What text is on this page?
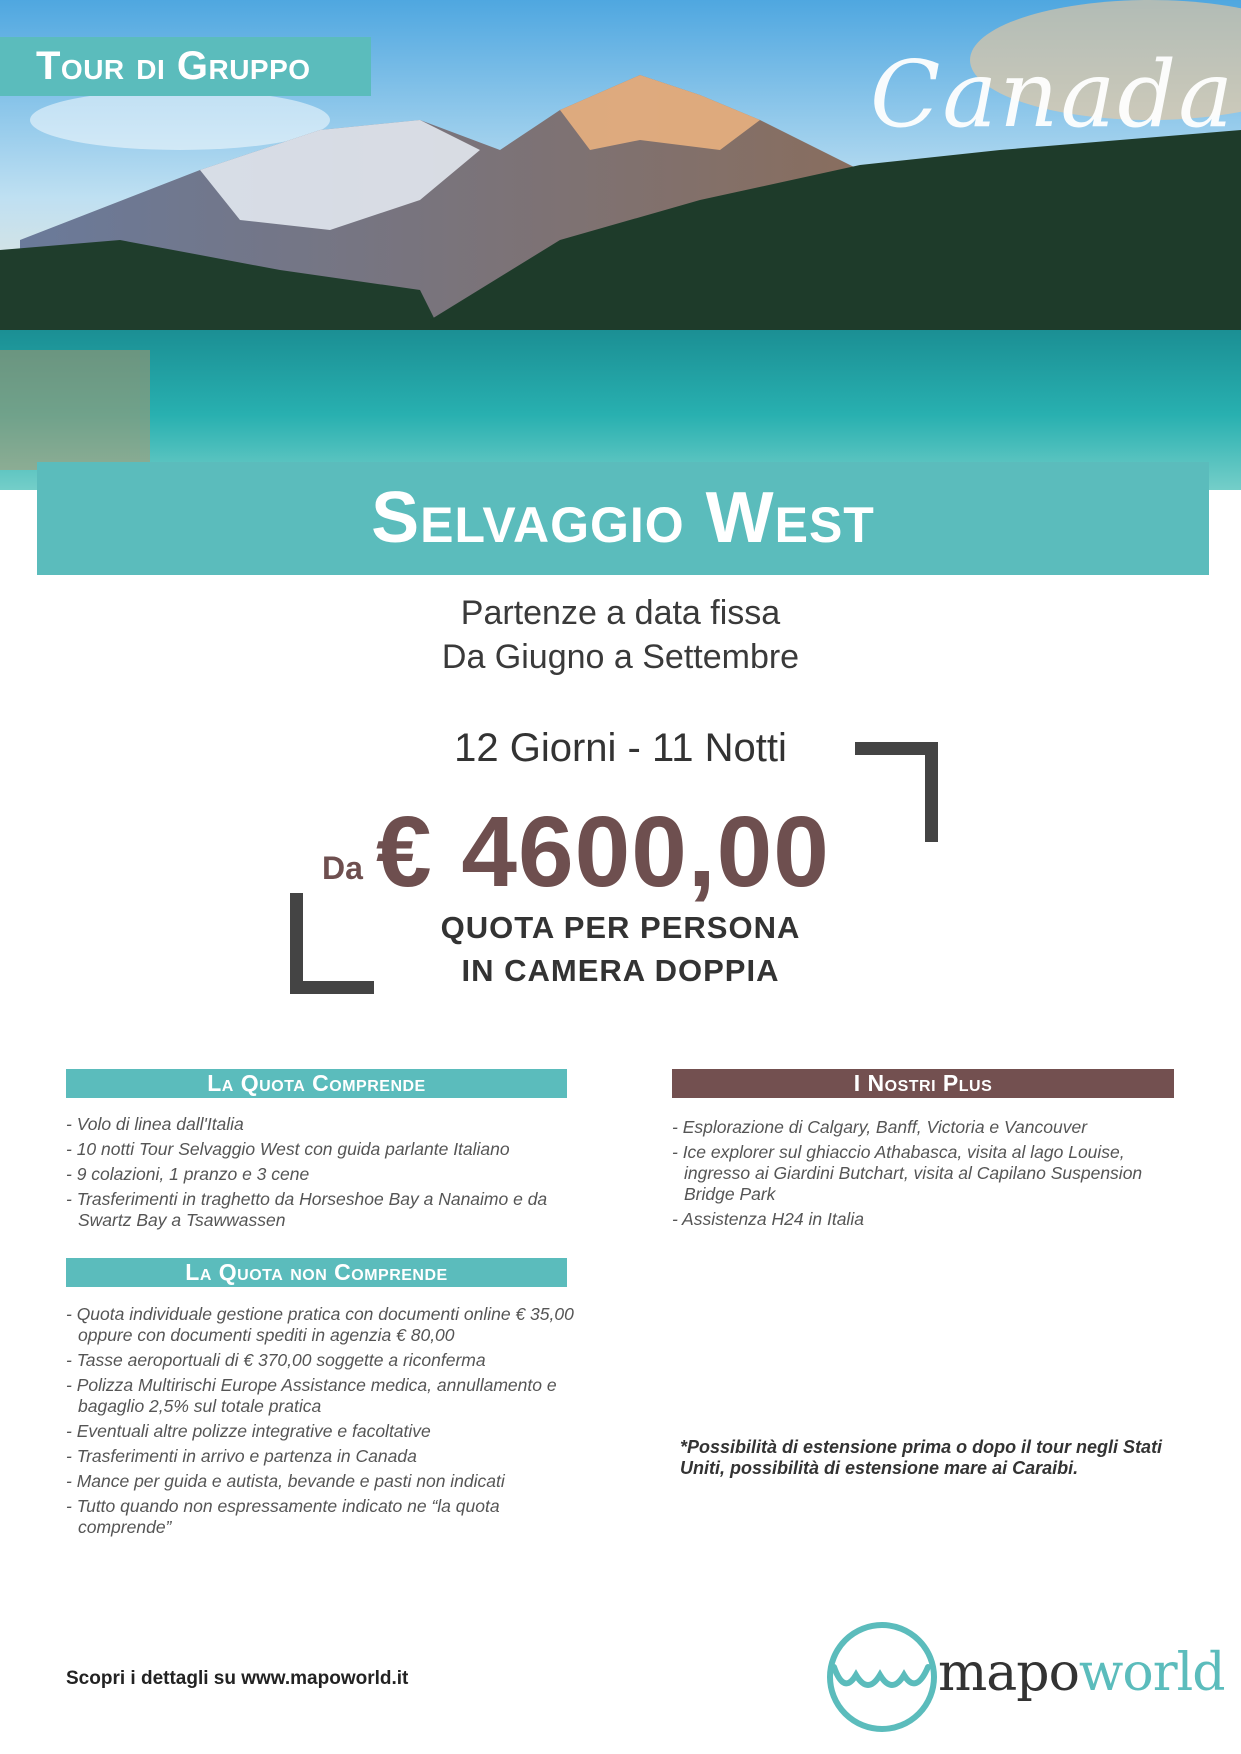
Tour di Gruppo	Canada
Selvaggio West
Partenze a data fissa
Da Giugno a Settembre
12 Giorni - 11 Notti
Da € 4600,00
QUOTA PER PERSONA
IN CAMERA DOPPIA
La Quota Comprende
- Volo di linea dall'Italia
- 10 notti Tour Selvaggio West con guida parlante Italiano
- 9 colazioni, 1 pranzo e 3 cene
- Trasferimenti in traghetto da Horseshoe Bay a Nanaimo e da Swartz Bay a Tsawwassen
La Quota non Comprende
- Quota individuale gestione pratica con documenti online € 35,00 oppure con documenti spediti in agenzia € 80,00
- Tasse aeroportuali di € 370,00 soggette a riconferma
- Polizza Multirischi Europe Assistance medica, annullamento e bagaglio 2,5% sul totale pratica
- Eventuali altre polizze integrative e facoltative
- Trasferimenti in arrivo e partenza in Canada
- Mance per guida e autista, bevande e pasti non indicati
- Tutto quando non espressamente indicato ne “la quota comprende”
I Nostri Plus
- Esplorazione di Calgary, Banff, Victoria e Vancouver
- Ice explorer sul ghiaccio Athabasca, visita al lago Louise, ingresso ai Giardini Butchart, visita al Capilano Suspension Bridge Park
- Assistenza H24 in Italia
*Possibilità di estensione prima o dopo il tour negli Stati Uniti, possibilità di estensione mare ai Caraibi.
Scopri i dettagli su www.mapoworld.it	mapoworld
